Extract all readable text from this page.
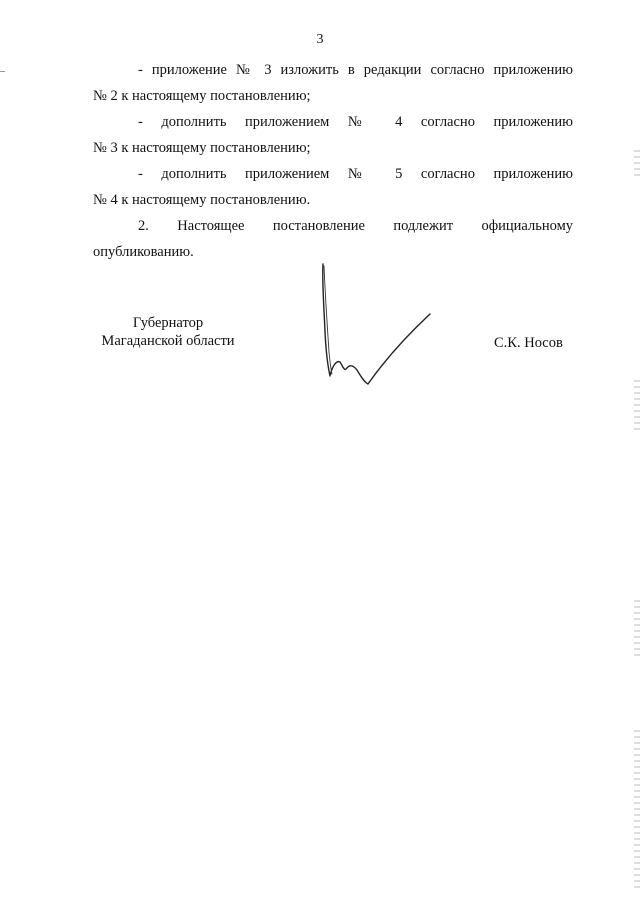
3

- приложение № 3 изложить в редакции согласно приложению
№ 2 к настоящему постановлению;

- дополнить приложением № 4 согласно приложению
№ 3 к настоящему постановлению;

- дополнить приложением № 5 согласно приложению
№ 4 к настоящему постановлению.

2. Настоящее постановление подлежит официальному
опубликованию.

Губернатор
Магаданской области	С.К. Носов
